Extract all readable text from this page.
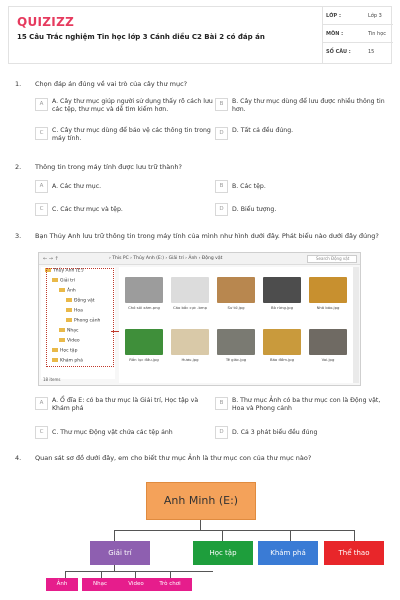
QUIZIZZ
15 Câu Trắc nghiệm Tin học lớp 3 Cánh diều C2 Bài 2 có đáp án
LỚP :	Lớp 3
MÔN :	Tin học
SỐ CÂU :	15
1. Chọn đáp án đúng về vai trò của cây thư mục?
A	A. Cây thư mục giúp người sử dụng thấy rõ cách lưu các tệp, thư mục và dễ tìm kiếm hơn.
B	B. Cây thư mục dùng để lưu được nhiều thông tin hơn.
C	C. Cây thư mục dùng để bảo vệ các thông tin trong máy tính.
D	D. Tất cả đều đúng.
2. Thông tin trong máy tính được lưu trữ thành?
A	A. Các thư mục.	B	B. Các tệp.
C	C. Các thư mục và tệp.	D	D. Biểu tượng.
3. Bạn Thủy Anh lưu trữ thông tin trong máy tính của mình như hình dưới đây. Phát biểu nào dưới đây đúng?
← → ↑	› This PC › Thủy Anh (E:) › Giải trí › Ảnh › Động vật	Search Động vật
Thủy Anh (E:)
Giải trí
Ảnh
Động vật
Hoa
Phong cảnh
Nhạc
Video
Học tập
Khám phá
Chó sói xám.png	Cáo bắc cực .bmp	Sư tử.jpg	Bò rừng.jpg	Nhả báo.jpg
Rắn lục đầu.jpg	Hươu.jpg	Tê giác.jpg	Báo đốm.jpg	Voi.jpg
18 items
A	A. Ổ đĩa E: có ba thư mục là Giải trí, Học tập và Khám phá
B	B. Thư mục Ảnh có ba thư mục con là Động vật, Hoa và Phong cảnh
C	C. Thư mục Động vật chứa các tệp ảnh	D	D. Cả 3 phát biểu đều đúng
4. Quan sát sơ đồ dưới đây, em cho biết thư mục Ảnh là thư mục con của thư mục nào?
Anh Minh (E:)
Giải trí	Học tập	Khám phá	Thể thao
Ảnh	Nhạc	Video	Trò chơi
